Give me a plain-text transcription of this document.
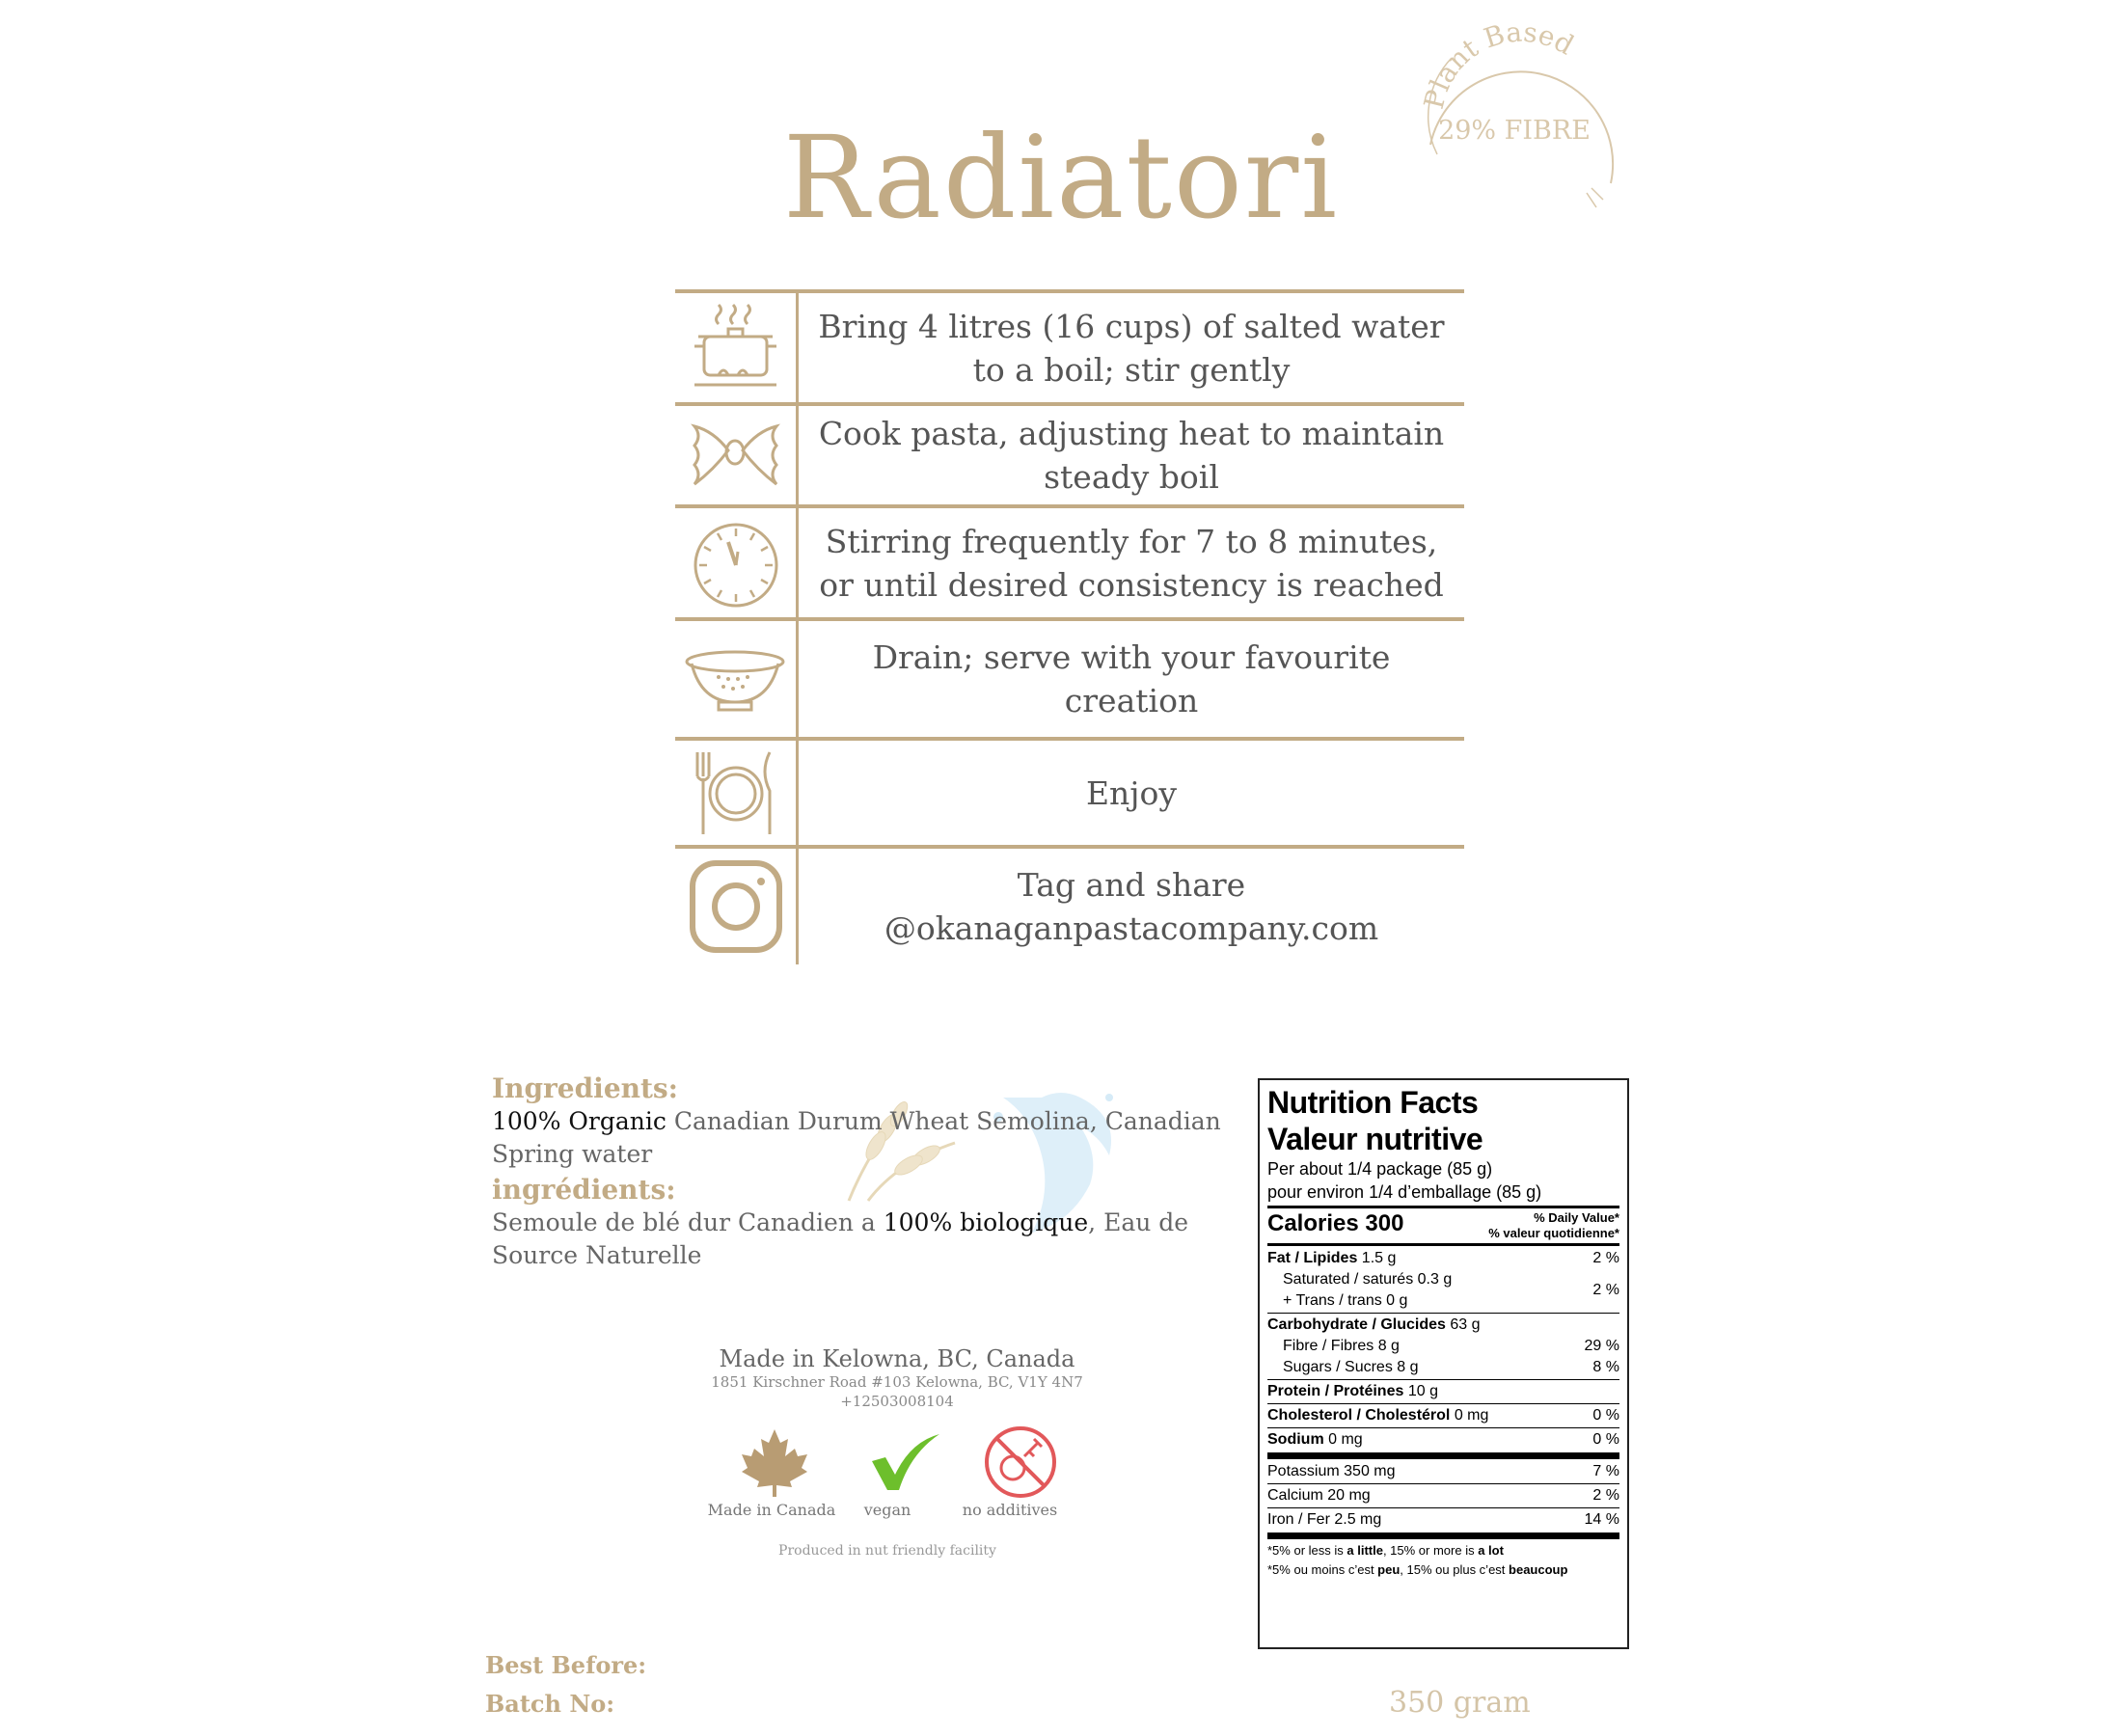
Radiatori
Plant Based
29% FIBRE
Bring 4 litres (16 cups) of salted water to a boil; stir gently
Cook pasta, adjusting heat to maintain steady boil
Stirring frequently for 7 to 8 minutes, or until desired consistency is reached
Drain; serve with your favourite creation
Enjoy
Tag and share @okanaganpastacompany.com
Ingredients:
100% Organic Canadian Durum Wheat Semolina, Canadian Spring water
ingrédients:
Semoule de blé dur Canadien a 100% biologique, Eau de Source Naturelle
Made in Kelowna, BC, Canada
1851 Kirschner Road #103 Kelowna, BC, V1Y 4N7
+12503008104
Made in Canada	vegan	no additives
Produced in nut friendly facility
Nutrition Facts
Valeur nutritive
Per about 1/4 package (85 g)
pour environ 1/4 d’emballage (85 g)
Calories 300	% Daily Value*
% valeur quotidienne*
Fat / Lipides 1.5 g	2 %
Saturated / saturés 0.3 g
+ Trans / trans 0 g
2 %
Carbohydrate / Glucides 63 g
Fibre / Fibres 8 g	29 %
Sugars / Sucres 8 g	8 %
Protein / Protéines 10 g
Cholesterol / Cholestérol 0 mg	0 %
Sodium 0 mg	0 %
Potassium 350 mg	7 %
Calcium 20 mg	2 %
Iron / Fer 2.5 mg	14 %
*5% or less is a little, 15% or more is a lot
*5% ou moins c’est peu, 15% ou plus c’est beaucoup
Best Before:
Batch No:	350 gram
